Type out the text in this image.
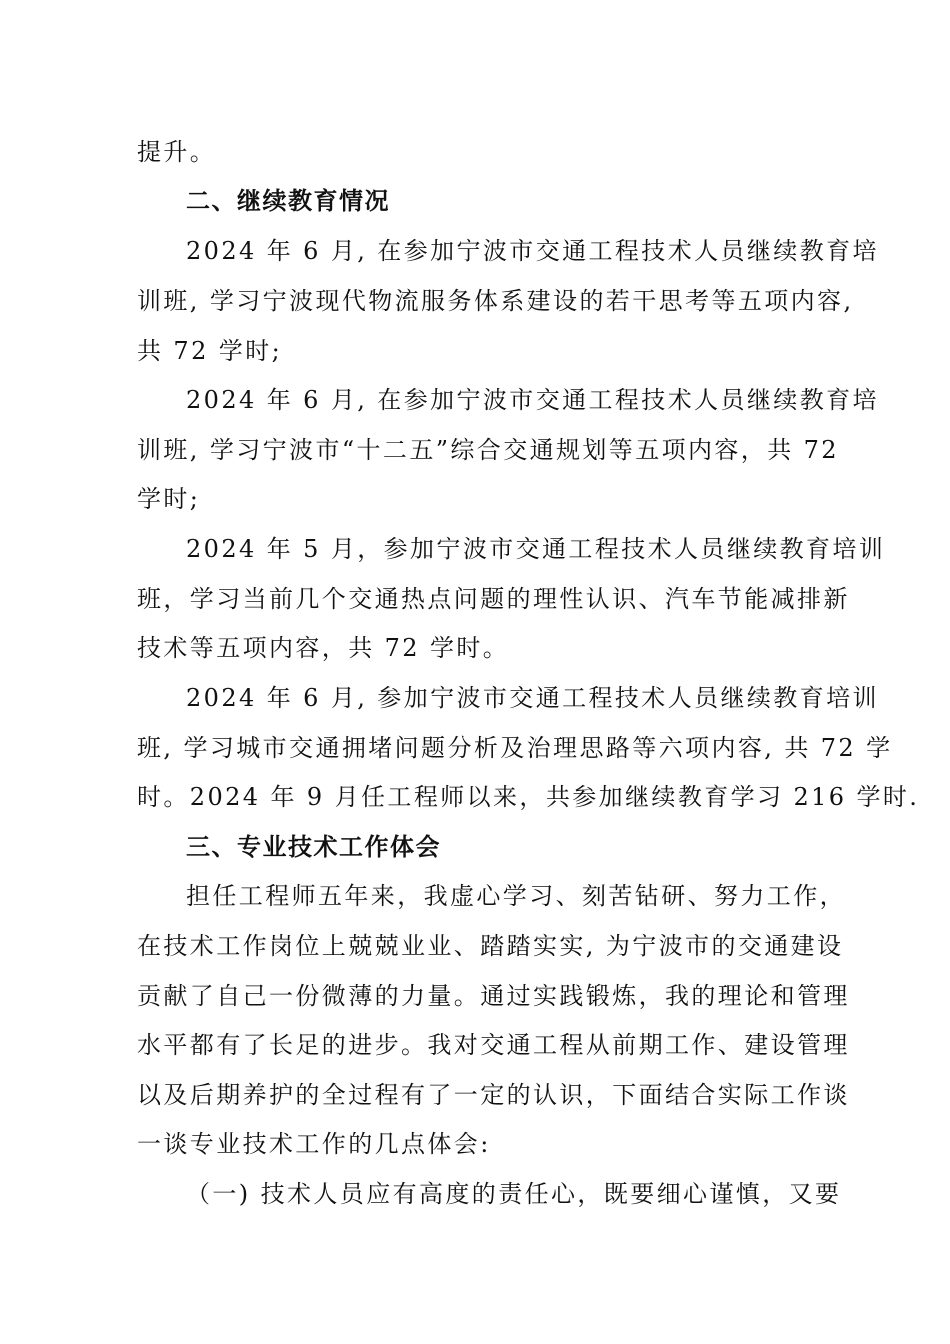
提升。
二、继续教育情况
2024 年 6 月, 在参加宁波市交通工程技术人员继续教育培
训班, 学习宁波现代物流服务体系建设的若干思考等五项内容,
共 72 学时;
2024 年 6 月, 在参加宁波市交通工程技术人员继续教育培
训班, 学习宁波市“十二五”综合交通规划等五项内容，共 72
学时;
2024 年 5 月，参加宁波市交通工程技术人员继续教育培训
班，学习当前几个交通热点问题的理性认识、汽车节能减排新
技术等五项内容，共 72 学时。
2024 年 6 月, 参加宁波市交通工程技术人员继续教育培训
班, 学习城市交通拥堵问题分析及治理思路等六项内容, 共 72 学
时。2024 年 9 月任工程师以来，共参加继续教育学习 216 学时.
三、专业技术工作体会
担任工程师五年来，我虚心学习、刻苦钻研、努力工作，
在技术工作岗位上兢兢业业、踏踏实实, 为宁波市的交通建设
贡献了自己一份微薄的力量。通过实践锻炼，我的理论和管理
水平都有了长足的进步。我对交通工程从前期工作、建设管理
以及后期养护的全过程有了一定的认识，下面结合实际工作谈
一谈专业技术工作的几点体会:
（一) 技术人员应有高度的责任心，既要细心谨慎，又要
